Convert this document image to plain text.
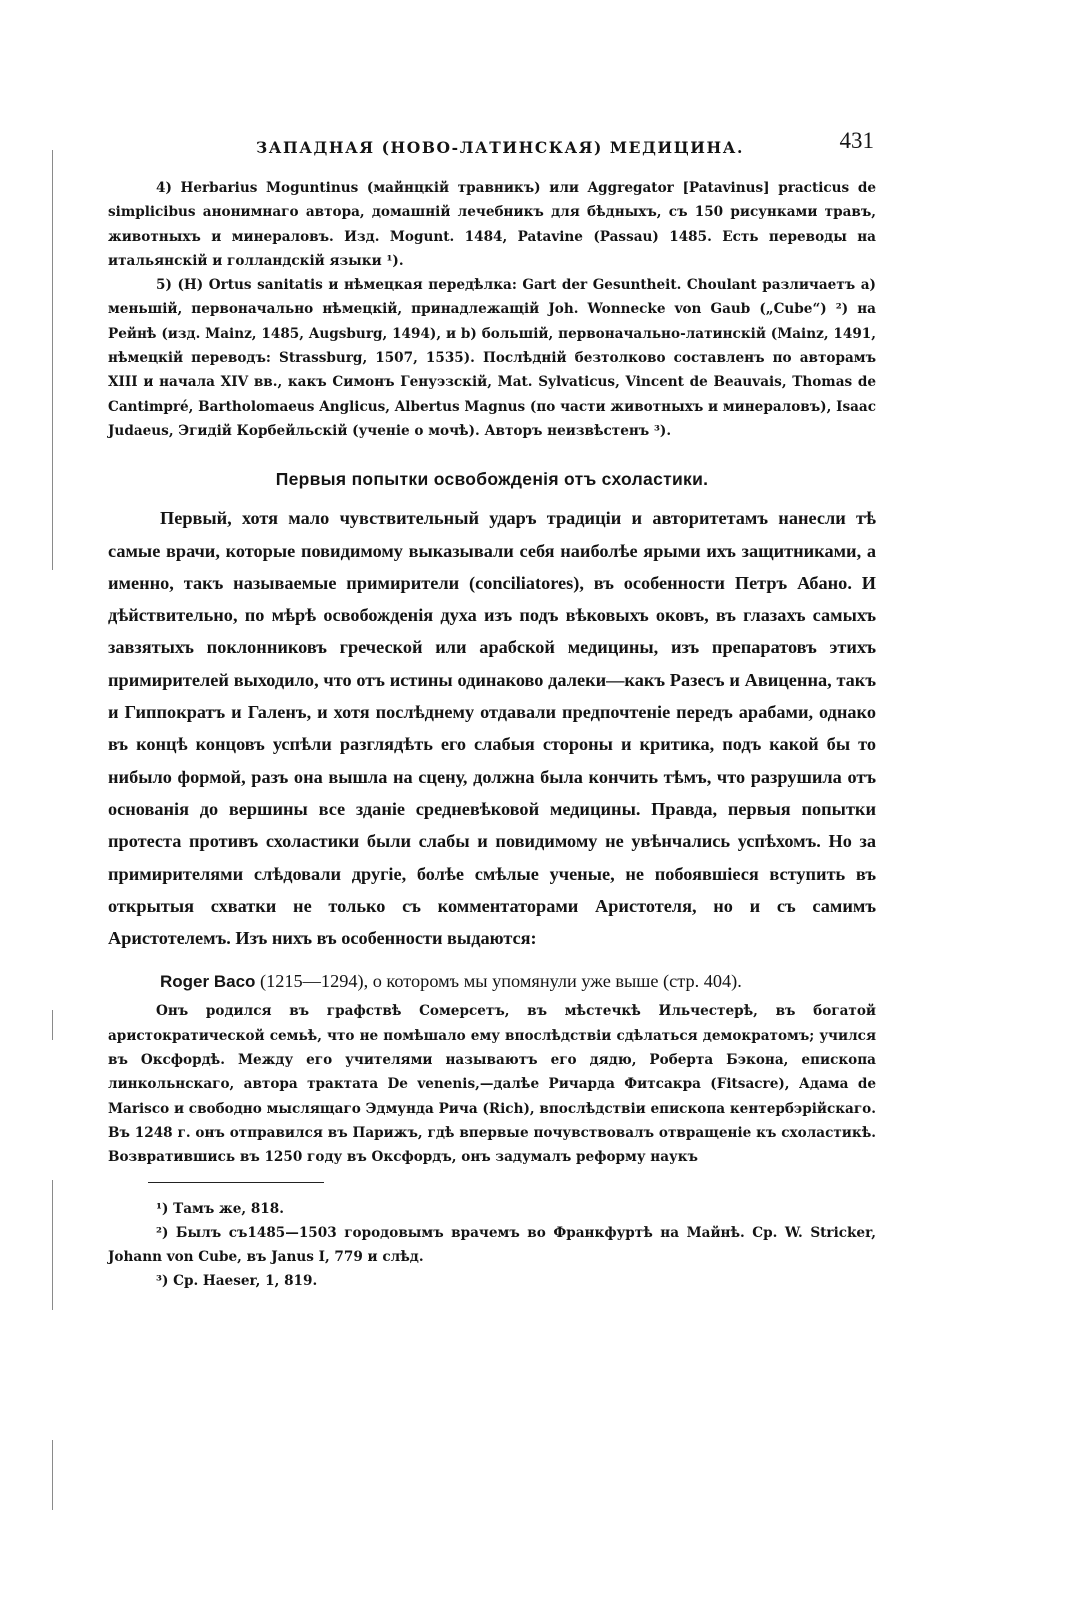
ЗАПАДНАЯ (НОВО-ЛАТИНСКАЯ) МЕДИЦИНА.	431

4) Herbarius Moguntinus (майнцкій травникъ) или Aggregator [Patavinus] practicus de simplicibus анонимнаго автора, домашній лечебникъ для бѣдныхъ, съ 150 рисунками травъ, животныхъ и минераловъ. Изд. Mogunt. 1484, Patavine (Passau) 1485. Есть переводы на итальянскій и голландскій языки ¹).

5) (H) Ortus sanitatis и нѣмецкая передѣлка: Gart der Gesuntheit. Choulant различаетъ a) меньшій, первоначально нѣмецкій, принадлежащій Joh. Wonnecke von Gaub („Cube“) ²) на Рейнѣ (изд. Mainz, 1485, Augsburg, 1494), и b) большій, первоначально-латинскій (Mainz, 1491, нѣмецкій переводъ: Strassburg, 1507, 1535). Послѣдній безтолково составленъ по авторамъ XIII и начала XIV вв., какъ Симонъ Генуэзскій, Mat. Sylvaticus, Vincent de Beauvais, Thomas de Cantimpré, Bartholomaeus Anglicus, Albertus Magnus (по части животныхъ и минераловъ), Isaac Judaeus, Эгидій Корбейльскій (ученіе о мочѣ). Авторъ неизвѣстенъ ³).

Первыя попытки освобожденія отъ схоластики.

Первый, хотя мало чувствительный ударъ традиціи и авторитетамъ нанесли тѣ самые врачи, которые повидимому выказывали себя наиболѣе ярыми ихъ защитниками, а именно, такъ называемые примирители (conciliatores), въ особенности Петръ Абано. И дѣйствительно, по мѣрѣ освобожденія духа изъ подъ вѣковыхъ оковъ, въ глазахъ самыхъ завзятыхъ поклонниковъ греческой или арабской медицины, изъ препаратовъ этихъ примирителей выходило, что отъ истины одинаково далеки—какъ Разесъ и Авиценна, такъ и Гиппократъ и Галенъ, и хотя послѣднему отдавали предпочтеніе передъ арабами, однако въ концѣ концовъ успѣли разглядѣть его слабыя стороны и критика, подъ какой бы то нибыло формой, разъ она вышла на сцену, должна была кончить тѣмъ, что разрушила отъ основанія до вершины все зданіе средневѣковой медицины. Правда, первыя попытки протеста противъ схоластики были слабы и повидимому не увѣнчались успѣхомъ. Но за примирителями слѣдовали другіе, болѣе смѣлые ученые, не побоявшіеся вступить въ открытыя схватки не только съ комментаторами Аристотеля, но и съ самимъ Аристотелемъ. Изъ нихъ въ особенности выдаются:

Roger Baco (1215—1294), о которомъ мы упомянули уже выше (стр. 404).

Онъ родился въ графствѣ Сомерсетъ, въ мѣстечкѣ Ильчестерѣ, въ богатой аристократической семьѣ, что не помѣшало ему впослѣдствіи сдѣлаться демократомъ; учился въ Оксфордѣ. Между его учителями называютъ его дядю, Роберта Бэкона, епископа линкольнскаго, автора трактата De venenis,—далѣе Ричарда Фитсакра (Fitsacre), Адама de Marisco и свободно мыслящаго Эдмунда Рича (Rich), впослѣдствіи епископа кентербэрійскаго. Въ 1248 г. онъ отправился въ Парижъ, гдѣ впервые почувствовалъ отвращеніе къ схоластикѣ. Возвратившись въ 1250 году въ Оксфордъ, онъ задумалъ реформу наукъ

¹) Тамъ же, 818.

²) Былъ съ1485—1503 городовымъ врачемъ во Франкфуртѣ на Майнѣ. Ср. W. Stricker, Johann von Cube, въ Janus I, 779 и слѣд.

³) Ср. Haeser, 1, 819.
